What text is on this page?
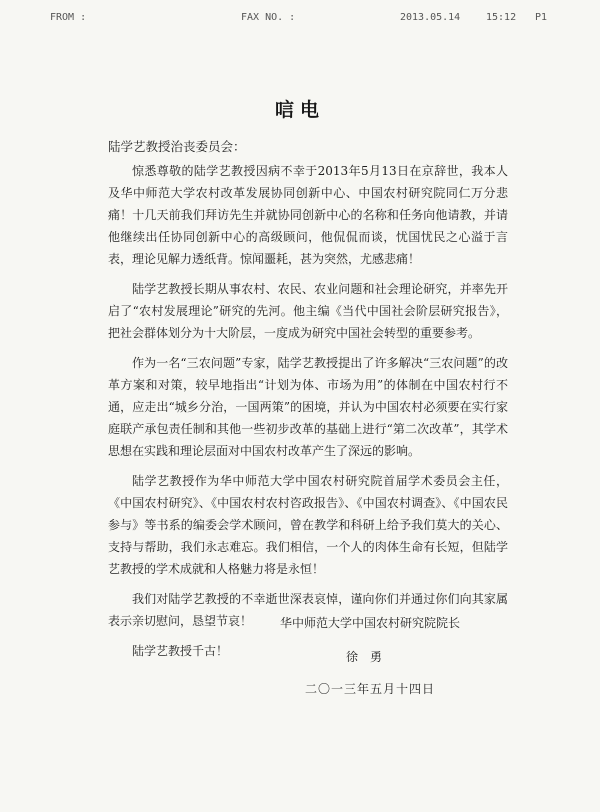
FROM :	FAX NO. :	2013.05.14	15:12 P1
唁电
陆学艺教授治丧委员会：

惊悉尊敬的陆学艺教授因病不幸于2013年5月13日在京辞世，我本人及华中师范大学农村改革发展协同创新中心、中国农村研究院同仁万分悲痛！十几天前我们拜访先生并就协同创新中心的名称和任务向他请教，并请他继续出任协同创新中心的高级顾问，他侃侃而谈，忧国忧民之心溢于言表，理论见解力透纸背。惊闻噩耗，甚为突然，尤感悲痛！

陆学艺教授长期从事农村、农民、农业问题和社会理论研究，并率先开启了“农村发展理论”研究的先河。他主编《当代中国社会阶层研究报告》，把社会群体划分为十大阶层，一度成为研究中国社会转型的重要参考。

作为一名“三农问题”专家，陆学艺教授提出了许多解决“三农问题”的改革方案和对策，较早地指出“计划为体、市场为用”的体制在中国农村行不通，应走出“城乡分治，一国两策”的困境，并认为中国农村必须要在实行家庭联产承包责任制和其他一些初步改革的基础上进行“第二次改革”，其学术思想在实践和理论层面对中国农村改革产生了深远的影响。

陆学艺教授作为华中师范大学中国农村研究院首届学术委员会主任，《中国农村研究》、《中国农村农村咨政报告》、《中国农村调查》、《中国农民参与》等书系的编委会学术顾问，曾在教学和科研上给予我们莫大的关心、支持与帮助，我们永志难忘。我们相信，一个人的肉体生命有长短，但陆学艺教授的学术成就和人格魅力将是永恒！

我们对陆学艺教授的不幸逝世深表哀悼，谨向你们并通过你们向其家属表示亲切慰问，恳望节哀！

陆学艺教授千古！

华中师范大学中国农村研究院院长
徐勇
二〇一三年五月十四日
